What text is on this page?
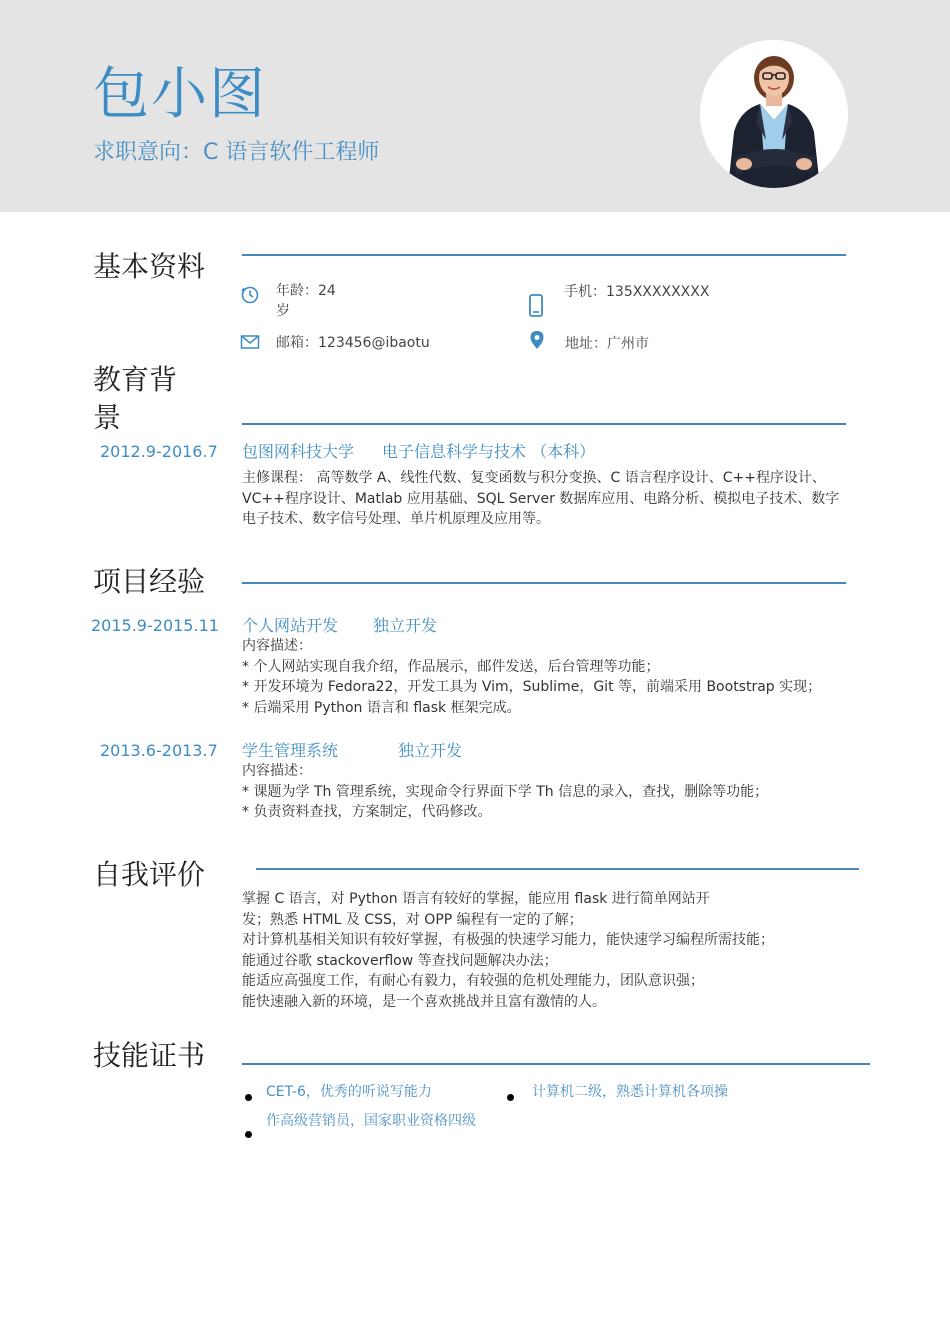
包小图
求职意向：C 语言软件工程师
基本资料
年龄：24
岁
手机：135XXXXXXXX
邮箱：123456@ibaotu	地址：广州市
教育背
景
2012.9-2016.7 包图网科技大学 电子信息科学与技术 （本科）
主修课程： 高等数学 A、线性代数、复变函数与积分变换、C 语言程序设计、C++程序设计、
VC++程序设计、Matlab 应用基础、SQL Server 数据库应用、电路分析、模拟电子技术、数字
电子技术、数字信号处理、单片机原理及应用等。
项目经验
2015.9-2015.11 个人网站开发 独立开发
内容描述：
* 个人网站实现自我介绍，作品展示，邮件发送，后台管理等功能；
* 开发环境为 Fedora22，开发工具为 Vim，Sublime，Git 等，前端采用 Bootstrap 实现；
* 后端采用 Python 语言和 flask 框架完成。
2013.6-2013.7 学生管理系统	独立开发
内容描述：
* 课题为学 Th 管理系统，实现命令行界面下学 Th 信息的录入，查找，删除等功能；
* 负责资料查找，方案制定，代码修改。
自我评价
掌握 C 语言，对 Python 语言有较好的掌握，能应用 flask 进行简单网站开
发；熟悉 HTML 及 CSS，对 OPP 编程有一定的了解；
对计算机基相关知识有较好掌握，有极强的快速学习能力，能快速学习编程所需技能；
能通过谷歌 stackoverflow 等查找问题解决办法；
能适应高强度工作，有耐心有毅力，有较强的危机处理能力，团队意识强；
能快速融入新的环境，是一个喜欢挑战并且富有激情的人。
技能证书
CET-6，优秀的听说写能力	计算机二级，熟悉计算机各项操
作高级营销员，国家职业资格四级
